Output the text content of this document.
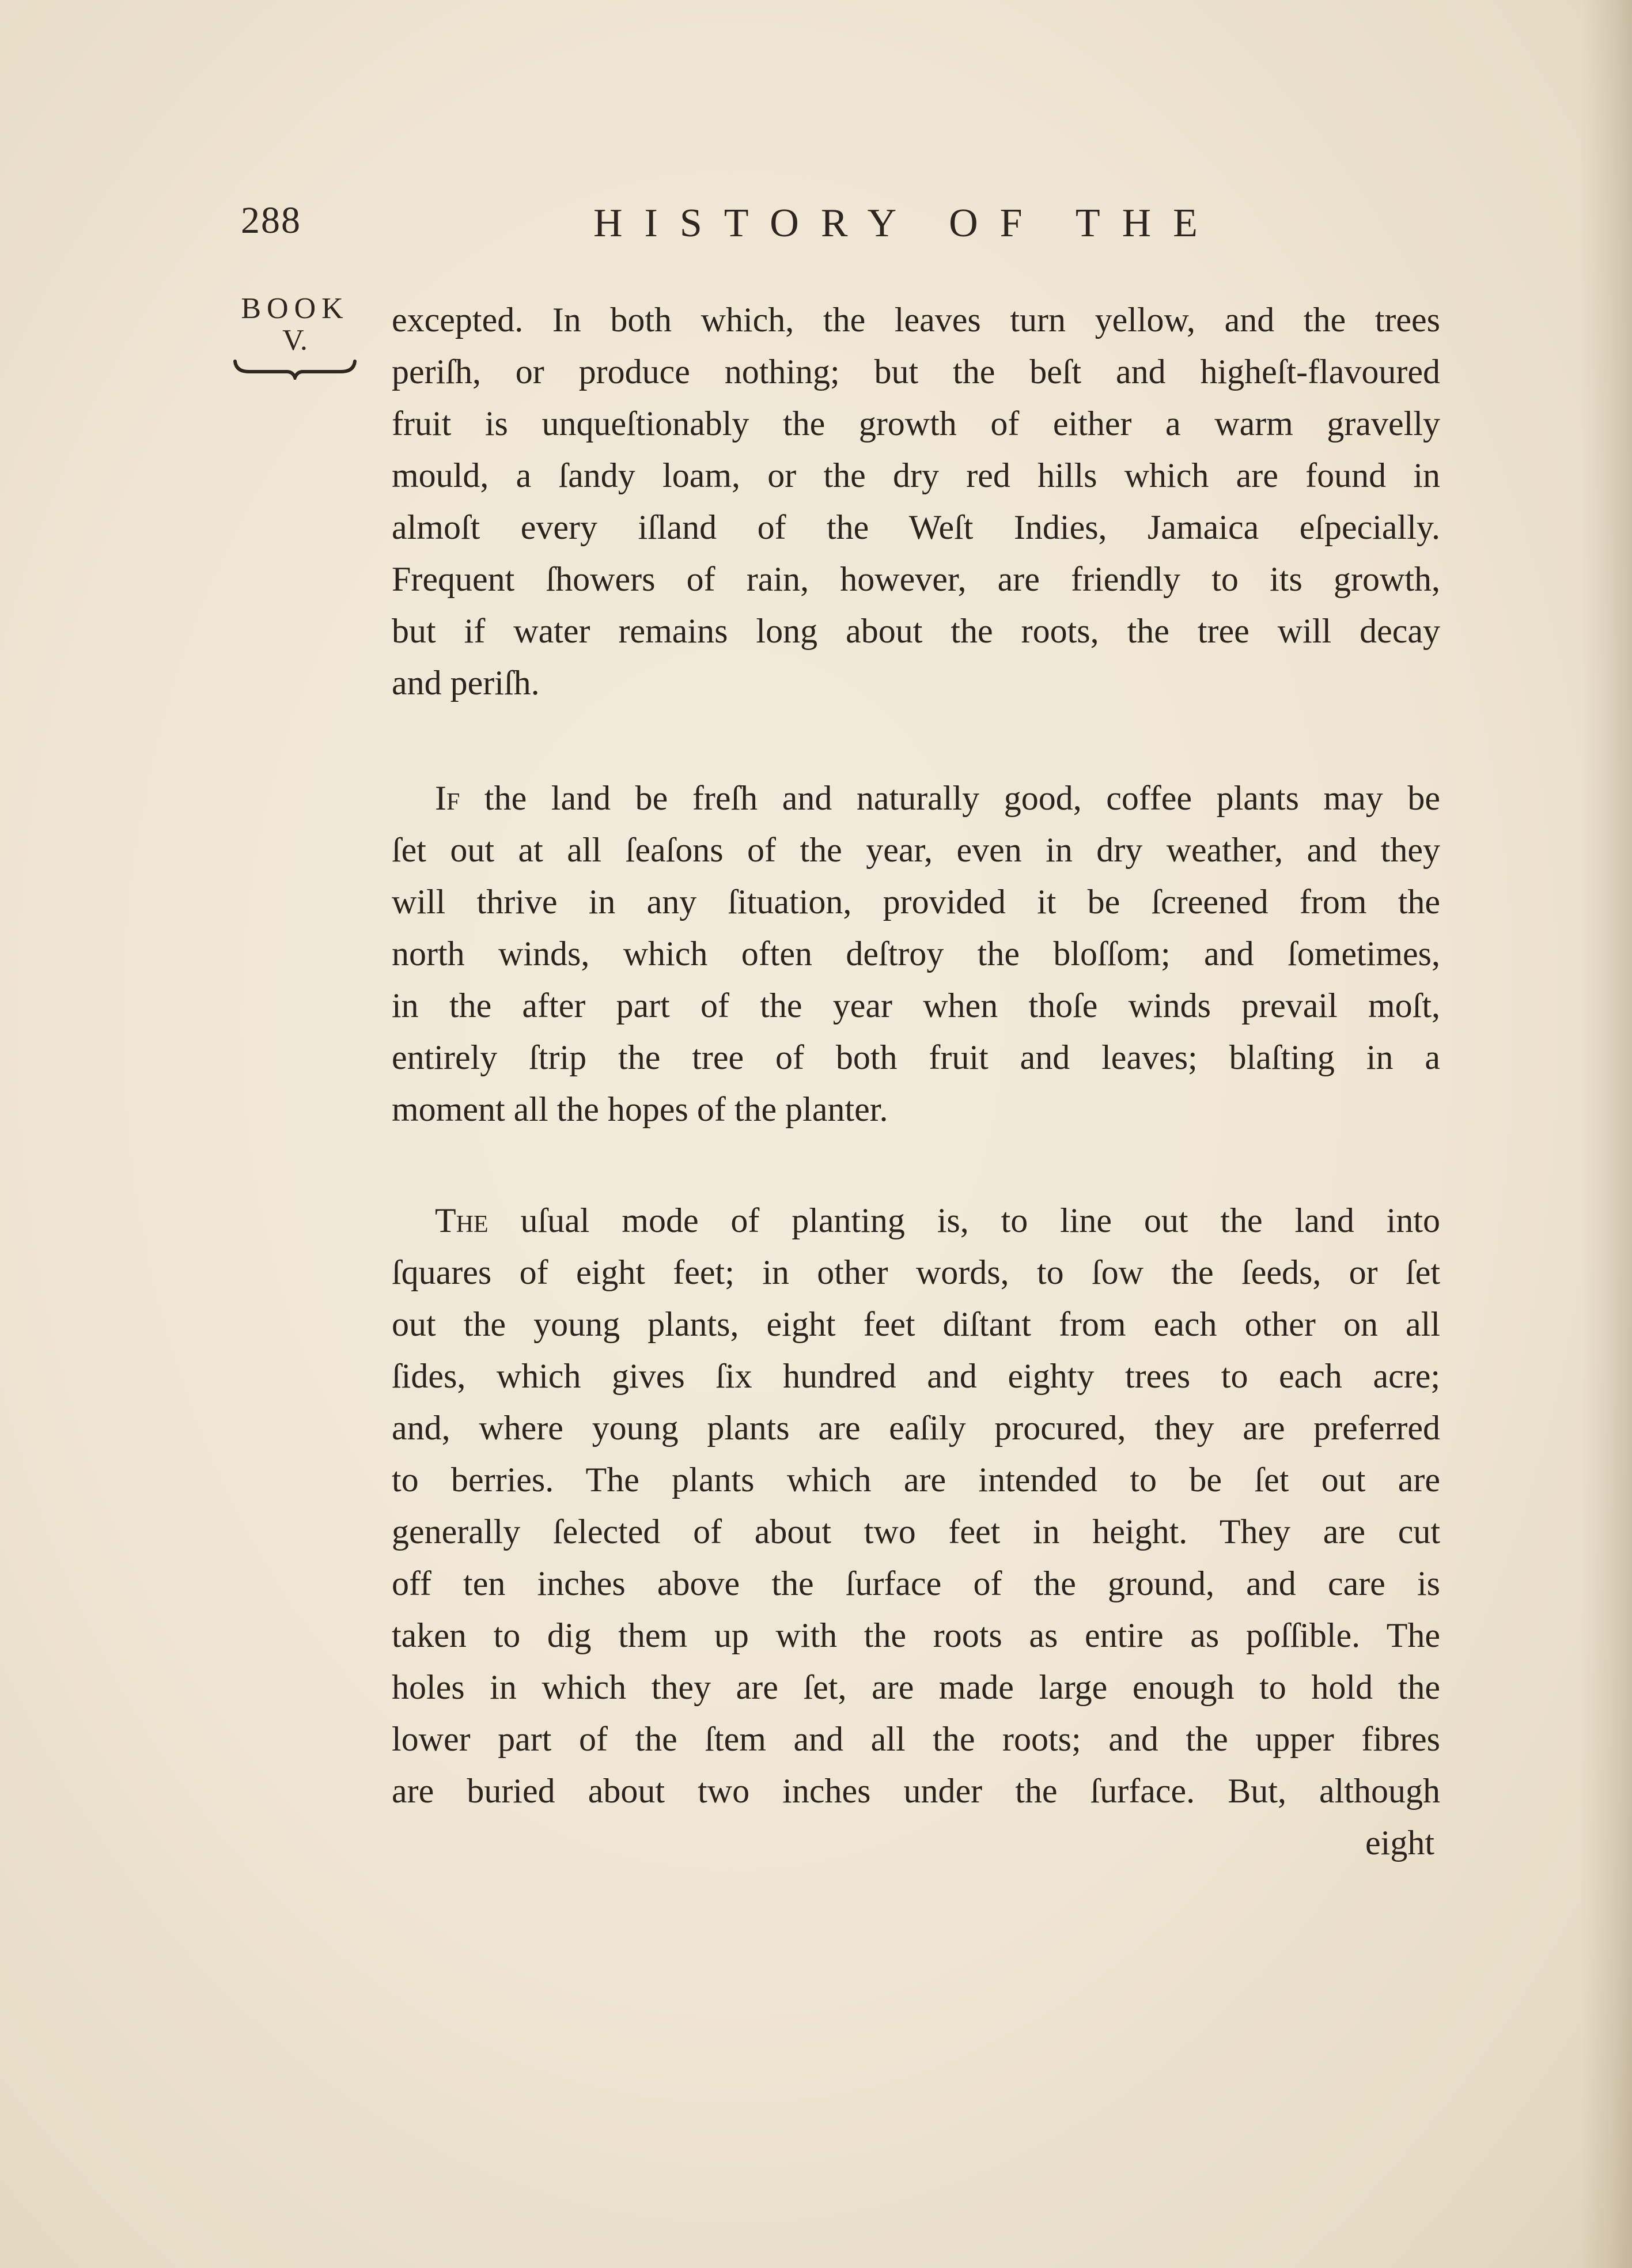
288	HISTORY OF THE
BOOK
V.
excepted. In both which, the leaves turn yellow, and the trees
periſh, or produce nothing; but the beſt and higheſt-flavoured
fruit is unqueſtionably the growth of either a warm gravelly
mould, a ſandy loam, or the dry red hills which are found in
almoſt every iſland of the Weſt Indies, Jamaica eſpecially.
Frequent ſhowers of rain, however, are friendly to its growth,
but if water remains long about the roots, the tree will decay
and periſh.
If the land be freſh and naturally good, coffee plants may be
ſet out at all ſeaſons of the year, even in dry weather, and they
will thrive in any ſituation, provided it be ſcreened from the
north winds, which often deſtroy the bloſſom; and ſometimes,
in the after part of the year when thoſe winds prevail moſt,
entirely ſtrip the tree of both fruit and leaves; blaſting in a
moment all the hopes of the planter.
The uſual mode of planting is, to line out the land into
ſquares of eight feet; in other words, to ſow the ſeeds, or ſet
out the young plants, eight feet diſtant from each other on all
ſides, which gives ſix hundred and eighty trees to each acre;
and, where young plants are eaſily procured, they are preferred
to berries. The plants which are intended to be ſet out are
generally ſelected of about two feet in height. They are cut
off ten inches above the ſurface of the ground, and care is
taken to dig them up with the roots as entire as poſſible. The
holes in which they are ſet, are made large enough to hold the
lower part of the ſtem and all the roots; and the upper fibres
are buried about two inches under the ſurface. But, although
eight
